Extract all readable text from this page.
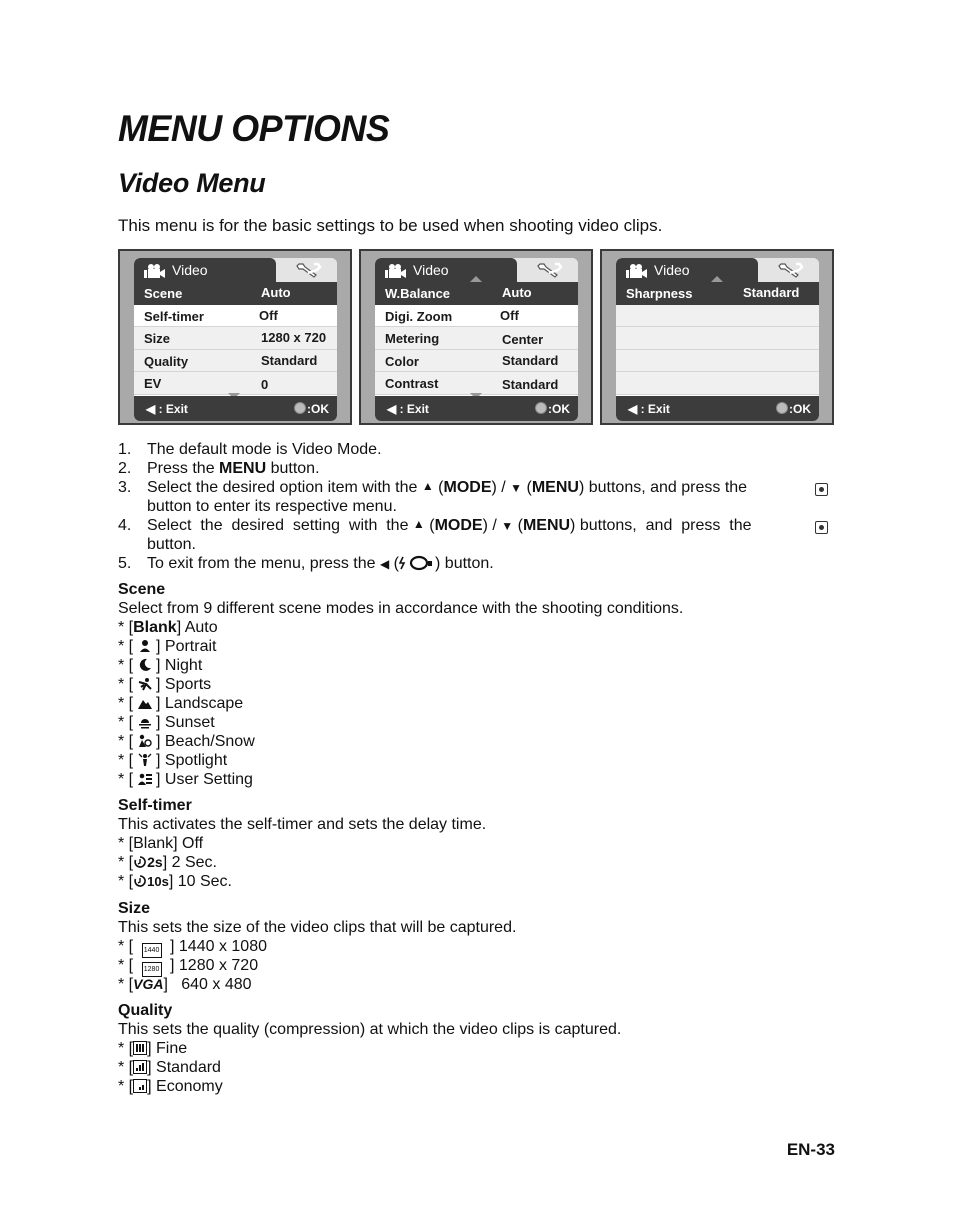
MENU OPTIONS
Video Menu
This menu is for the basic settings to be used when shooting video clips.
Video
Scene	Auto
Self-timer	Off
Size	1280 x 720
Quality	Standard
EV	0
◀ : Exit	:OK
Video
W.Balance	Auto
Digi. Zoom	Off
Metering	Center
Color	Standard
Contrast	Standard
◀ : Exit	:OK
Video
Sharpness	Standard
◀ : Exit	:OK
1. The default mode is Video Mode.
2. Press the MENU button.
3. Select the desired option item with the ▲ (MODE) / ▼ (MENU) buttons, and press the
button to enter its respective menu.
4. Select  the  desired  setting  with  the ▲ (MODE) / ▼ (MENU) buttons,  and  press  the
button.
5. To exit from the menu, press the ◀ ( ) button.
Scene
Select from 9 different scene modes in accordance with the shooting conditions.
* [Blank] Auto
* [  ] Portrait
* [  ] Night
* [  ] Sports
* [  ] Landscape
* [  ] Sunset
* [  ] Beach/Snow
* [  ] Spotlight
* [  ] User Setting
Self-timer
This activates the self-timer and sets the delay time.
* [Blank] Off
* [ 2s] 2 Sec.
* [ 10s] 10 Sec.
Size
This sets the size of the video clips that will be captured.
* [ 1440 ] 1440 x 1080
* [ 1280 ] 1280 x 720
* [VGA]   640 x 480
Quality
This sets the quality (compression) at which the video clips is captured.
* [ ] Fine
* [ ] Standard
* [ ] Economy
EN-33
